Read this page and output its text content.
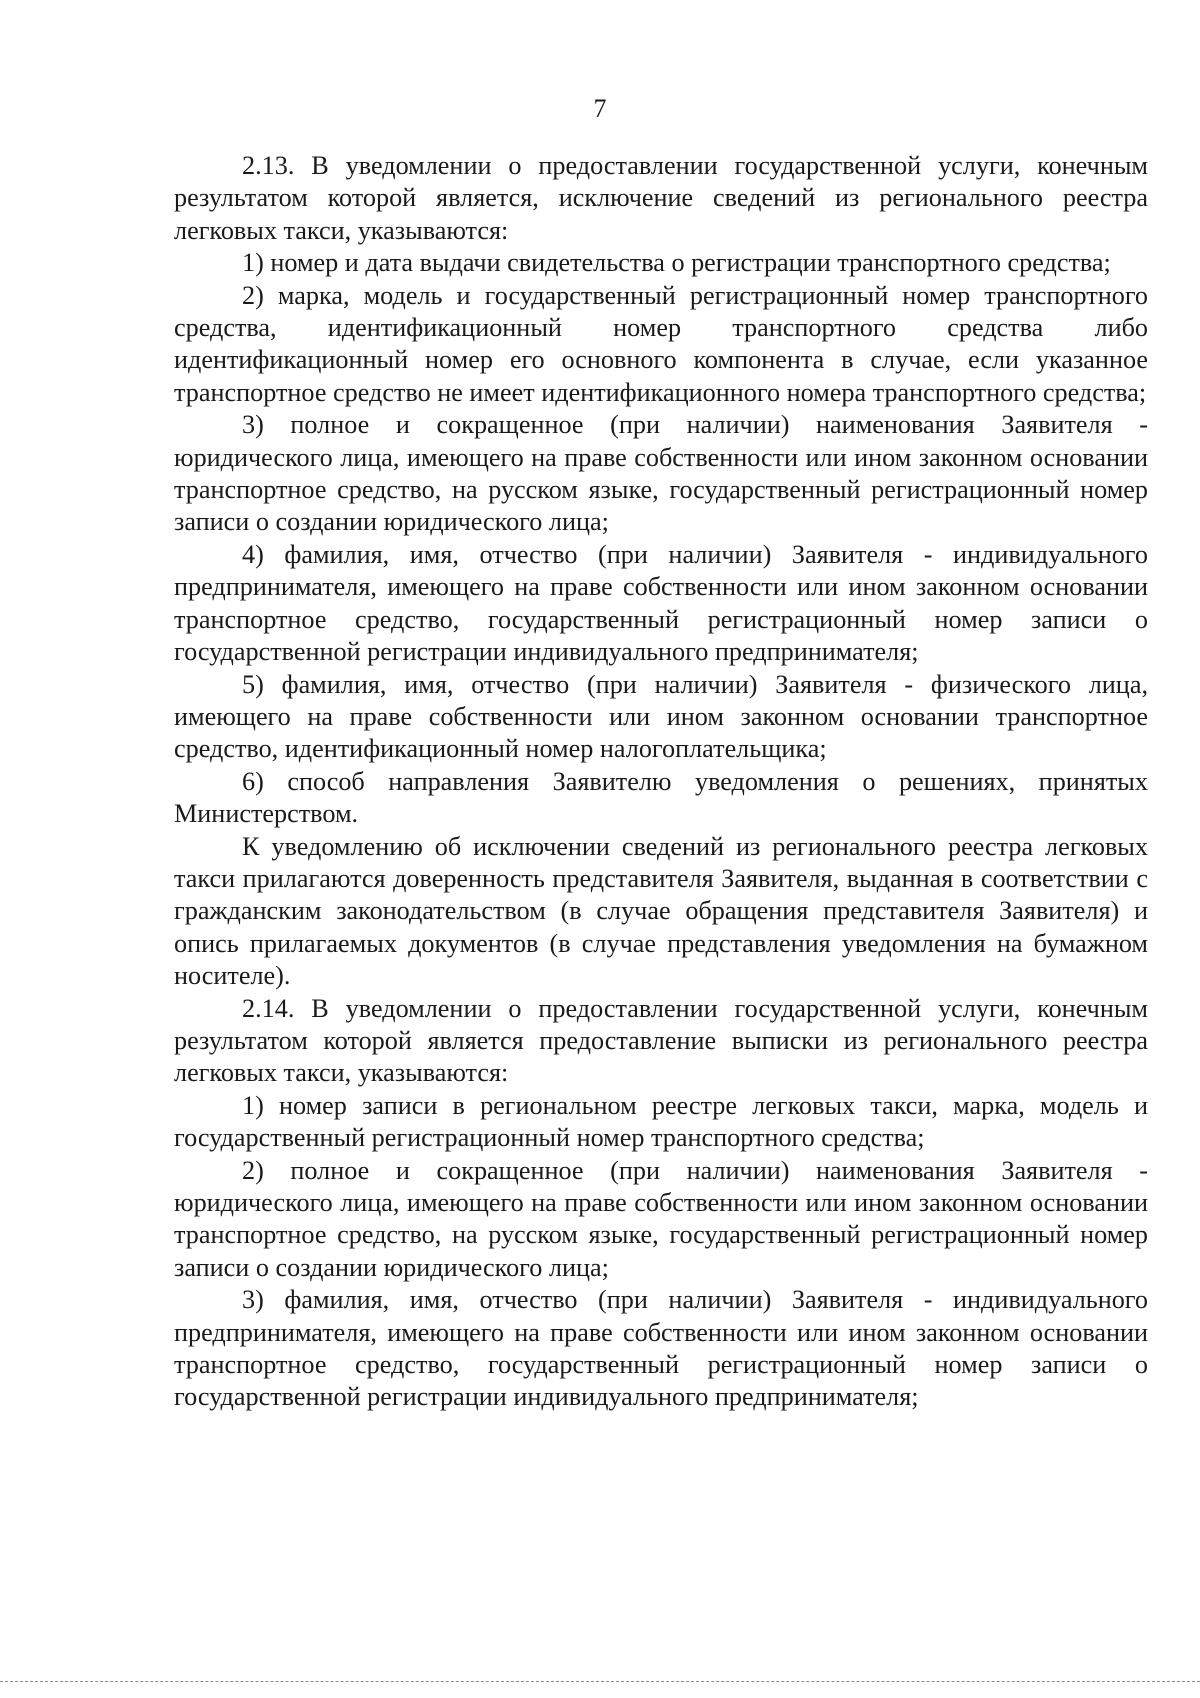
7

2.13. В уведомлении о предоставлении государственной услуги, конечным результатом которой является, исключение сведений из регионального реестра легковых такси, указываются:

1) номер и дата выдачи свидетельства о регистрации транспортного средства;

2) марка, модель и государственный регистрационный номер транспортного средства, идентификационный номер транспортного средства либо идентификационный номер его основного компонента в случае, если указанное транспортное средство не имеет идентификационного номера транспортного средства;

3) полное и сокращенное (при наличии) наименования Заявителя - юридического лица, имеющего на праве собственности или ином законном основании транспортное средство, на русском языке, государственный регистрационный номер записи о создании юридического лица;

4) фамилия, имя, отчество (при наличии) Заявителя - индивидуального предпринимателя, имеющего на праве собственности или ином законном основании транспортное средство, государственный регистрационный номер записи о государственной регистрации индивидуального предпринимателя;

5) фамилия, имя, отчество (при наличии) Заявителя - физического лица, имеющего на праве собственности или ином законном основании транспортное средство, идентификационный номер налогоплательщика;

6) способ направления Заявителю уведомления о решениях, принятых Министерством.

К уведомлению об исключении сведений из регионального реестра легковых такси прилагаются доверенность представителя Заявителя, выданная в соответствии с гражданским законодательством (в случае обращения представителя Заявителя) и опись прилагаемых документов (в случае представления уведомления на бумажном носителе).

2.14. В уведомлении о предоставлении государственной услуги, конечным результатом которой является предоставление выписки из регионального реестра легковых такси, указываются:

1) номер записи в региональном реестре легковых такси, марка, модель и государственный регистрационный номер транспортного средства;

2) полное и сокращенное (при наличии) наименования Заявителя - юридического лица, имеющего на праве собственности или ином законном основании транспортное средство, на русском языке, государственный регистрационный номер записи о создании юридического лица;

3) фамилия, имя, отчество (при наличии) Заявителя - индивидуального предпринимателя, имеющего на праве собственности или ином законном основании транспортное средство, государственный регистрационный номер записи о государственной регистрации индивидуального предпринимателя;
